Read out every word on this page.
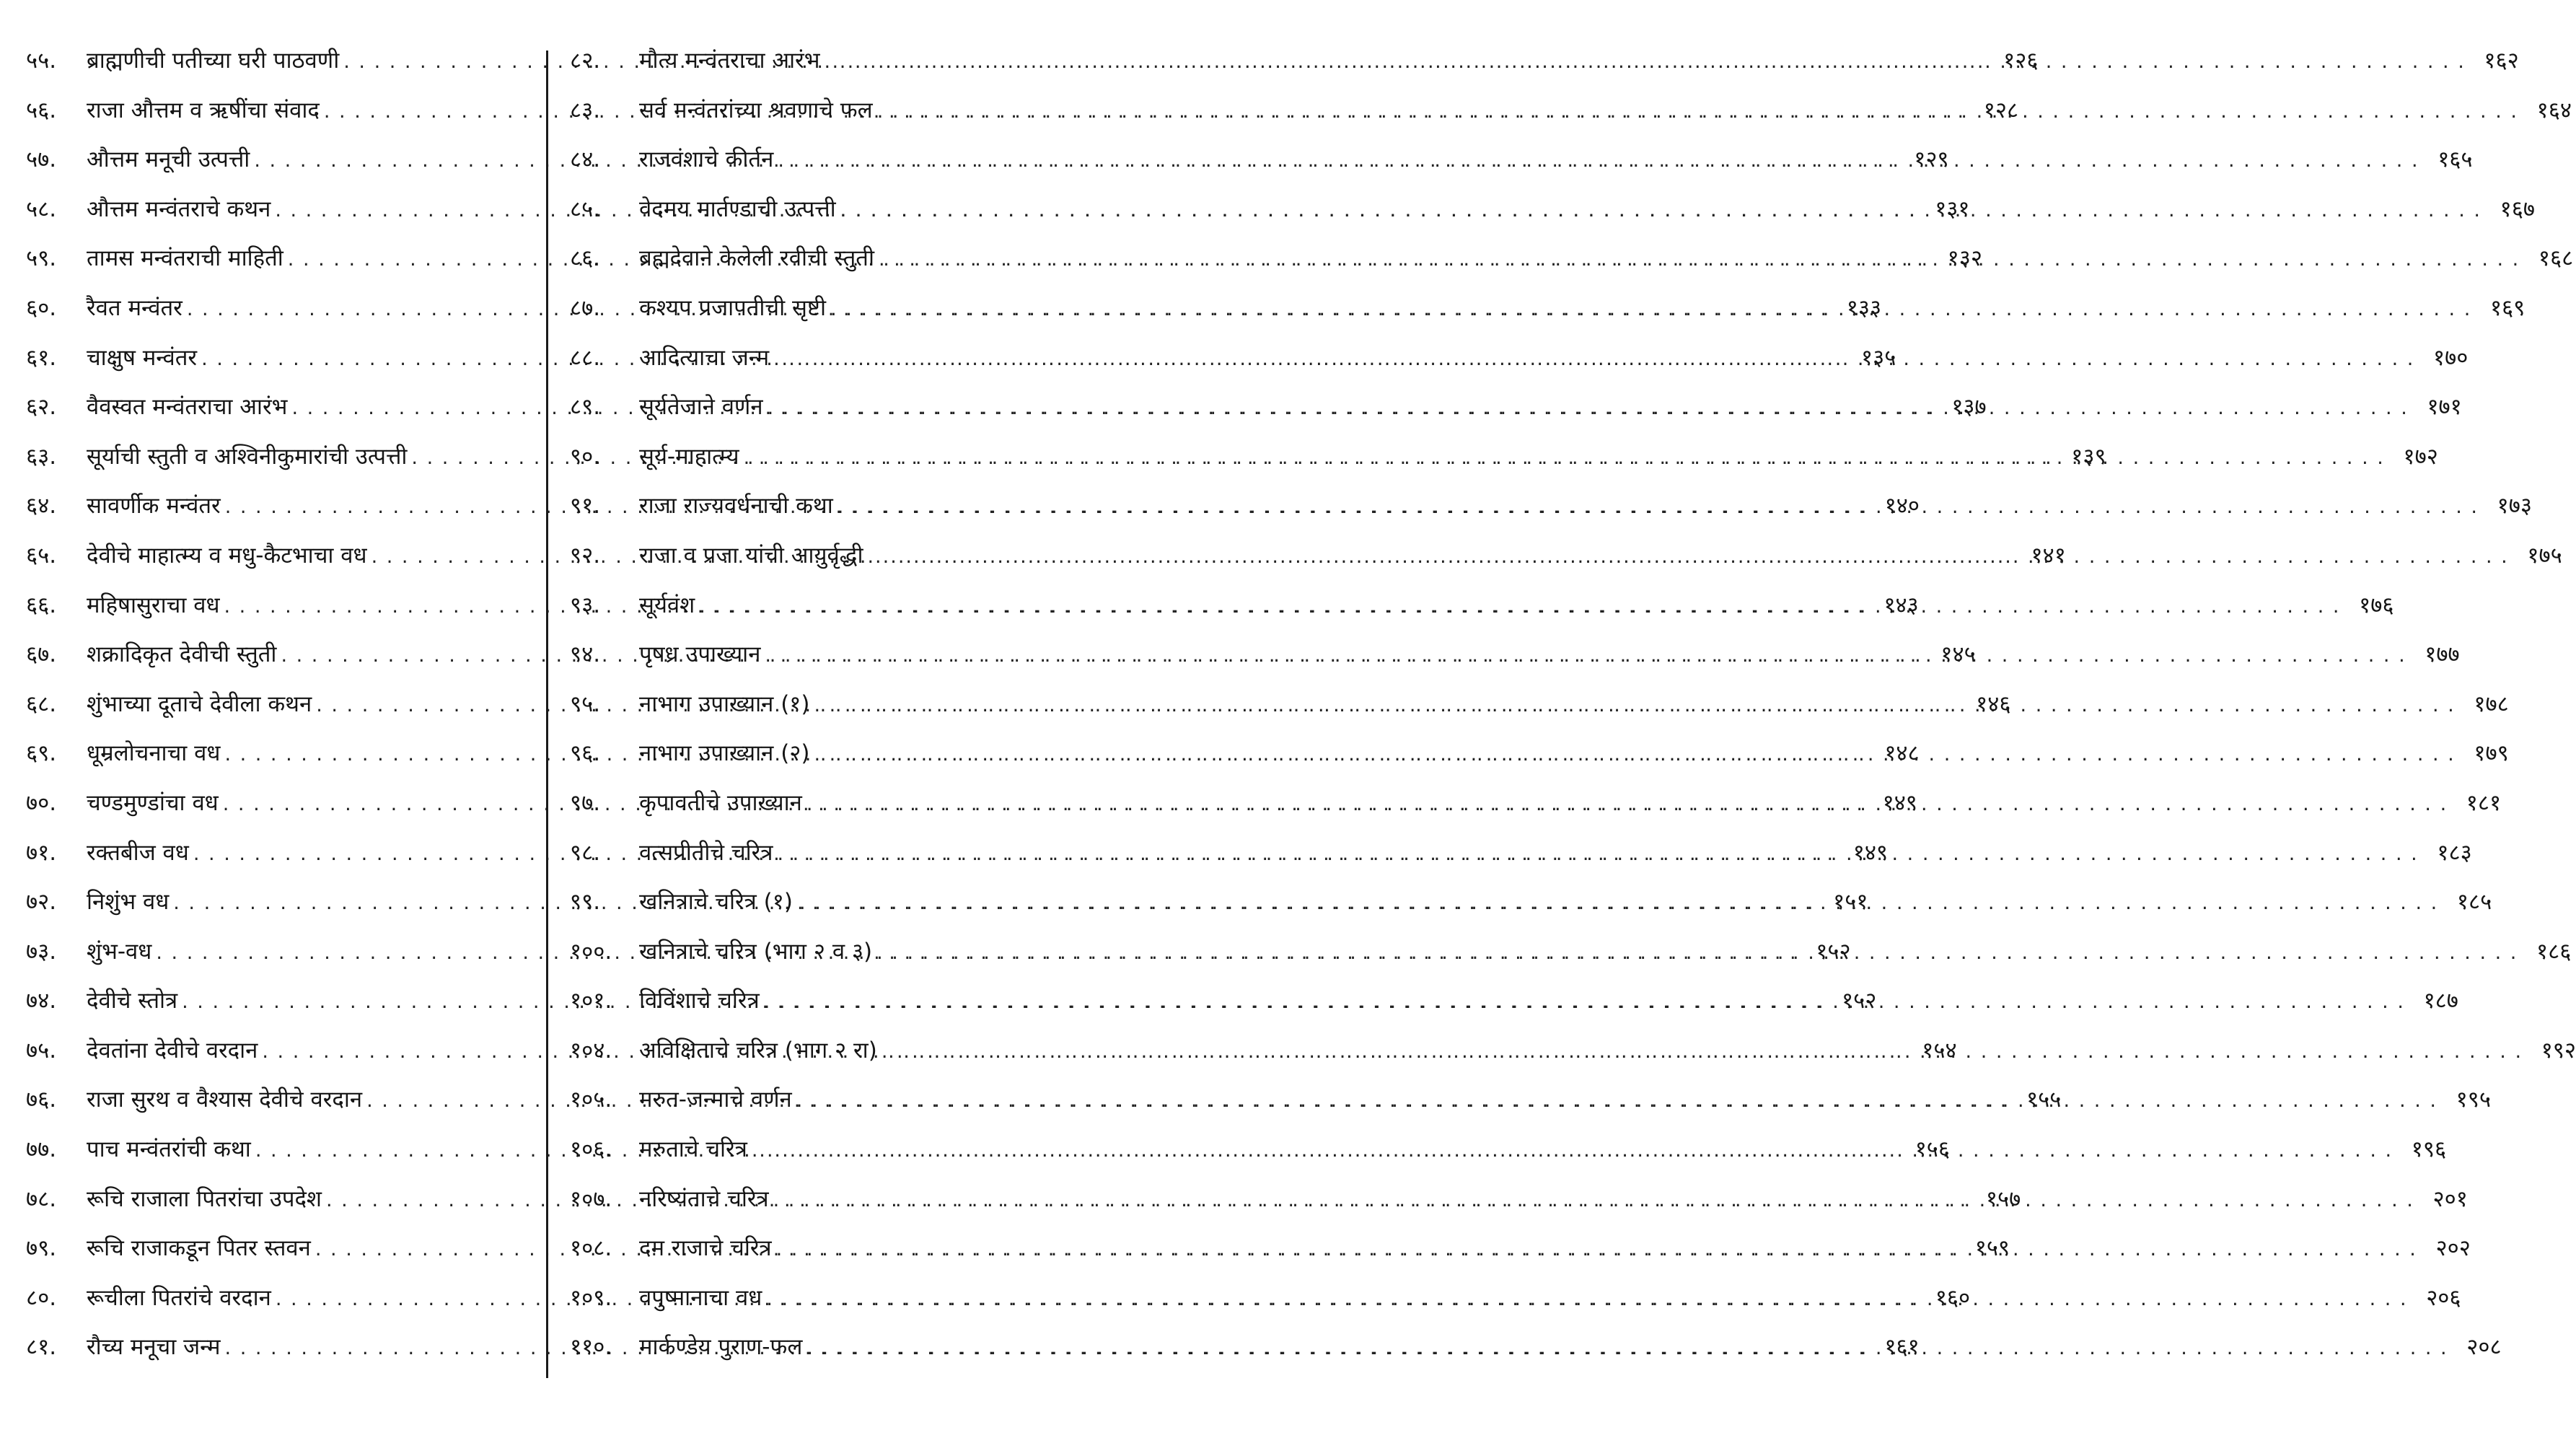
५५.	ब्राह्मणीची पतीच्या घरी पाठवणी . . .	१२६
५६.	राजा औत्तम व ऋषींचा संवाद . . .	१२८
५७.	औत्तम मनूची उत्पत्ती . . .	१२९
५८.	औत्तम मन्वंतराचे कथन . . .	१३१
५९.	तामस मन्वंतराची माहिती . . .	१३२
६०.	रैवत मन्वंतर . . .	१३३
६१.	चाक्षुष मन्वंतर . . .	१३५
६२.	वैवस्वत मन्वंतराचा आरंभ . . .	१३७
६३.	सूर्याची स्तुती व अश्विनीकुमारांची उत्पत्ती . . .	१३९
६४.	सावर्णीक मन्वंतर . . .	१४०
६५.	देवीचे माहात्म्य व मधु-कैटभाचा वध . . .	१४१
६६.	महिषासुराचा वध . . .	१४३
६७.	शक्रादिकृत देवीची स्तुती . . .	१४५
६८.	शुंभाच्या दूताचे देवीला कथन . . .	१४६
६९.	धूम्रलोचनाचा वध . . .	१४८
७०.	चण्डमुण्डांचा वध . . .	१४९
७१.	रक्तबीज वध . . .	१४९
७२.	निशुंभ वध . . .	१५१
७३.	शुंभ-वध . . .	१५२
७४.	देवीचे स्तोत्र . . .	१५२
७५.	देवतांना देवीचे वरदान . . .	१५४
७६.	राजा सुरथ व वैश्यास देवीचे वरदान . . .	१५५
७७.	पाच मन्वंतरांची कथा . . .	१५६
७८.	रूचि राजाला पितरांचा उपदेश . . .	१५७
७९.	रूचि राजाकडून पितर स्तवन . . .	१५९
८०.	रूचीला पितरांचे वरदान . . .	१६०
८१.	रौच्य मनूचा जन्म . . .	१६१
८२.	मौत्य मन्वंतराचा आरंभ . . .	१६२
८३.	सर्व मन्वंतरांच्या श्रवणाचे फल . . .	१६४
८४.	राजवंशाचे कीर्तन . . .	१६५
८५.	वेदमय मार्तण्डाची उत्पत्ती . . .	१६७
८६.	ब्रह्मदेवाने केलेली रवीची स्तुती . . .	१६८
८७.	कश्यप प्रजापतीची सृष्टी . . .	१६९
८८.	आदित्याचा जन्म . . .	१७०
८९.	सूर्यतेजाने वर्णन . . .	१७१
९०.	सूर्य-माहात्म्य . . .	१७२
९१.	राजा राज्यवर्धनाची कथा . . .	१७३
९२.	राजा व प्रजा यांची आयुर्वृद्धी . . .	१७५
९३.	सूर्यवंश . . .	१७६
९४.	पृषध्र उपाख्यान . . .	१७७
९५.	नाभाग उपाख्यान (१) . . .	१७८
९६.	नाभाग उपाख्यान (२) . . .	१७९
९७.	कृपावतीचे उपाख्यान . . .	१८१
९८.	वत्सप्रीतीचे चरित्र . . .	१८३
९९.	खनित्राचे चरित्र (१) . . .	१८५
१००.	खनित्राचे चरित्र (भाग २ व ३) . . .	१८६
१०१.	विविंशाचे चरित्र . . .	१८७
१०४.	अविक्षिताचे चरित्र (भाग २ रा) . . .	१९२
१०५.	मरुत-जन्माचे वर्णन . . .	१९५
१०६.	मरुताचे चरित्र . . .	१९६
१०७.	नरिष्यंताचे चरित्र . . .	२०१
१०८.	दम राजाचे चरित्र . . .	२०२
१०९.	वपुष्मानाचा वध . . .	२०६
११०.	मार्कण्डेय पुराण-फल . . .	२०८
